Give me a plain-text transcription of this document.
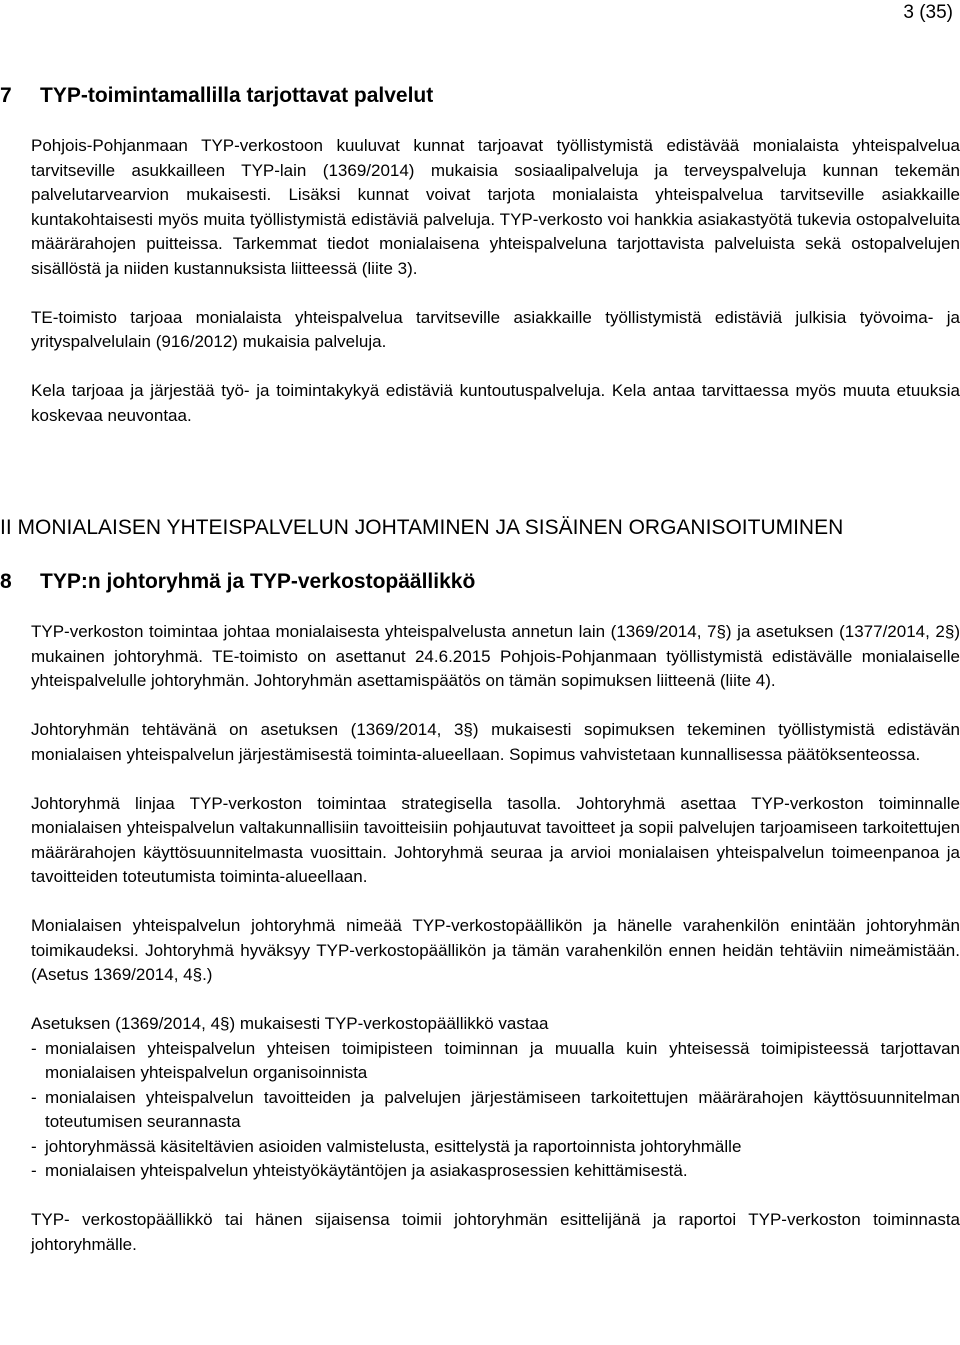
3 (35)
7 TYP-toimintamallilla tarjottavat palvelut

Pohjois-Pohjanmaan TYP-verkostoon kuuluvat kunnat tarjoavat työllistymistä edistävää monialaista yhteispalvelua tarvitseville asukkailleen TYP-lain (1369/2014) mukaisia sosiaalipalveluja ja terveyspalveluja kunnan tekemän palvelutarvearvion mukaisesti. Lisäksi kunnat voivat tarjota monialaista yhteispalvelua tarvitseville asiakkaille kuntakohtaisesti myös muita työllistymistä edistäviä palveluja. TYP-verkosto voi hankkia asiakastyötä tukevia ostopalveluita määrärahojen puitteissa. Tarkemmat tiedot monialaisena yhteispalveluna tarjottavista palveluista sekä ostopalvelujen sisällöstä ja niiden kustannuksista liitteessä (liite 3).

TE-toimisto tarjoaa monialaista yhteispalvelua tarvitseville asiakkaille työllistymistä edistäviä julkisia työvoima- ja yrityspalvelulain (916/2012) mukaisia palveluja.

Kela tarjoaa ja järjestää työ- ja toimintakykyä edistäviä kuntoutuspalveluja. Kela antaa tarvittaessa myös muuta etuuksia koskevaa neuvontaa.

II MONIALAISEN YHTEISPALVELUN JOHTAMINEN JA SISÄINEN ORGANISOITUMINEN
8 TYP:n johtoryhmä ja TYP-verkostopäällikkö

TYP-verkoston toimintaa johtaa monialaisesta yhteispalvelusta annetun lain (1369/2014, 7§) ja asetuksen (1377/2014, 2§) mukainen johtoryhmä. TE-toimisto on asettanut 24.6.2015 Pohjois-Pohjanmaan työllistymistä edistävälle monialaiselle yhteispalvelulle johtoryhmän. Johtoryhmän asettamispäätös on tämän sopimuksen liitteenä (liite 4).

Johtoryhmän tehtävänä on asetuksen (1369/2014, 3§) mukaisesti sopimuksen tekeminen työllistymistä edistävän monialaisen yhteispalvelun järjestämisestä toiminta-alueellaan. Sopimus vahvistetaan kunnallisessa päätöksenteossa.

Johtoryhmä linjaa TYP-verkoston toimintaa strategisella tasolla. Johtoryhmä asettaa TYP-verkoston toiminnalle monialaisen yhteispalvelun valtakunnallisiin tavoitteisiin pohjautuvat tavoitteet ja sopii palvelujen tarjoamiseen tarkoitettujen määrärahojen käyttösuunnitelmasta vuosittain. Johtoryhmä seuraa ja arvioi monialaisen yhteispalvelun toimeenpanoa ja tavoitteiden toteutumista toiminta-alueellaan.

Monialaisen yhteispalvelun johtoryhmä nimeää TYP-verkostopäällikön ja hänelle varahenkilön enintään johtoryhmän toimikaudeksi. Johtoryhmä hyväksyy TYP-verkostopäällikön ja tämän varahenkilön ennen heidän tehtäviin nimeämistään. (Asetus 1369/2014, 4§.)

Asetuksen (1369/2014, 4§) mukaisesti TYP-verkostopäällikkö vastaa
- monialaisen yhteispalvelun yhteisen toimipisteen toiminnan ja muualla kuin yhteisessä toimipisteessä tarjottavan monialaisen yhteispalvelun organisoinnista
- monialaisen yhteispalvelun tavoitteiden ja palvelujen järjestämiseen tarkoitettujen määrärahojen käyttösuunnitelman toteutumisen seurannasta
- johtoryhmässä käsiteltävien asioiden valmistelusta, esittelystä ja raportoinnista johtoryhmälle
- monialaisen yhteispalvelun yhteistyökäytäntöjen ja asiakasprosessien kehittämisestä.

TYP- verkostopäällikkö tai hänen sijaisensa toimii johtoryhmän esittelijänä ja raportoi TYP-verkoston toiminnasta johtoryhmälle.
